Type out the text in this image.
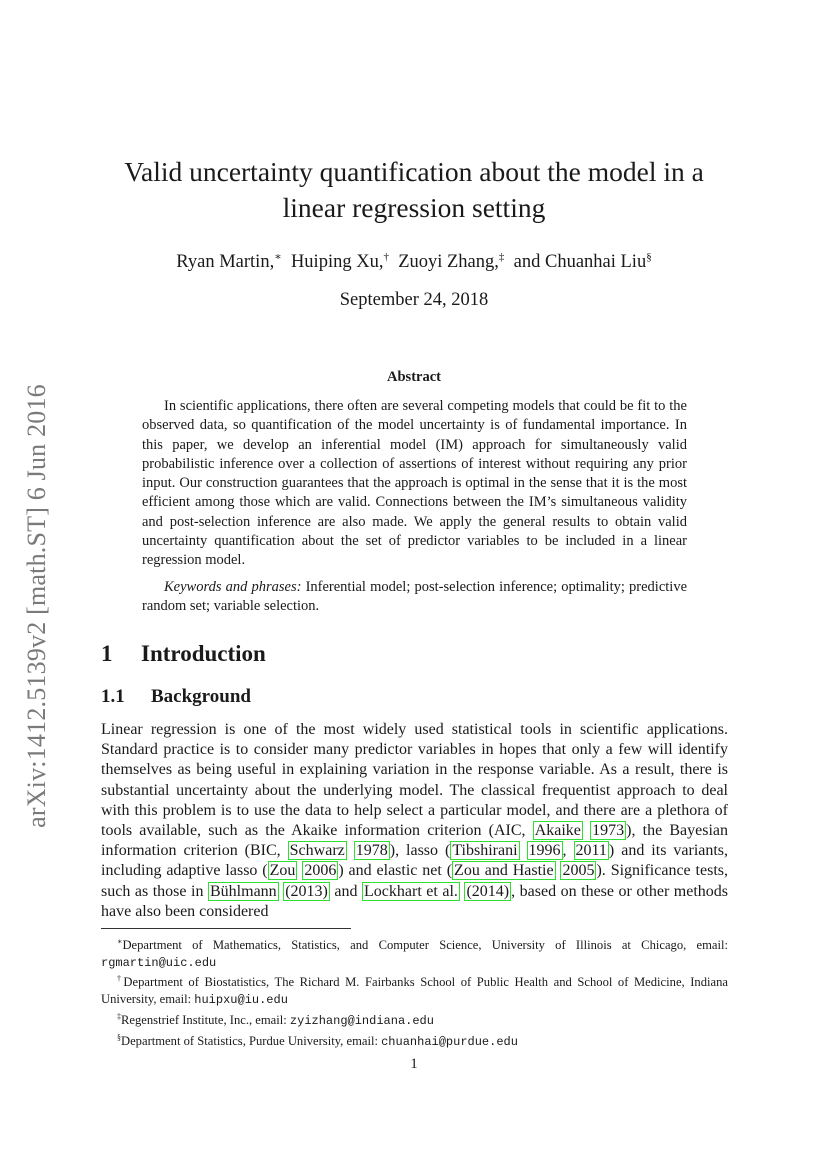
arXiv:1412.5139v2 [math.ST] 6 Jun 2016
Valid uncertainty quantification about the model in a
linear regression setting
Ryan Martin,∗ Huiping Xu,† Zuoyi Zhang,‡ and Chuanhai Liu§
September 24, 2018
Abstract

In scientific applications, there often are several competing models that could be fit to the observed data, so quantification of the model uncertainty is of fundamental importance. In this paper, we develop an inferential model (IM) approach for simultaneously valid probabilistic inference over a collection of assertions of interest without requiring any prior input. Our construction guarantees that the approach is optimal in the sense that it is the most efficient among those which are valid. Connections between the IM’s simultaneous validity and post-selection inference are also made. We apply the general results to obtain valid uncertainty quantification about the set of predictor variables to be included in a linear regression model.

Keywords and phrases: Inferential model; post-selection inference; optimality; predictive random set; variable selection.

1 Introduction
1.1 Background

Linear regression is one of the most widely used statistical tools in scientific applications. Standard practice is to consider many predictor variables in hopes that only a few will identify themselves as being useful in explaining variation in the response variable. As a result, there is substantial uncertainty about the underlying model. The classical frequentist approach to deal with this problem is to use the data to help select a particular model, and there are a plethora of tools available, such as the Akaike information criterion (AIC, Akaike 1973 ), the Bayesian information criterion (BIC, Schwarz 1978 ), lasso ( Tibshirani 1996 , 2011 ) and its variants, including adaptive lasso ( Zou 2006 ) and elastic net ( Zou and Hastie 2005 ). Significance tests, such as those in Bühlmann (2013) and Lockhart et al. (2014) , based on these or other methods have also been considered

∗Department of Mathematics, Statistics, and Computer Science, University of Illinois at Chicago, email: rgmartin@uic.edu

†Department of Biostatistics, The Richard M. Fairbanks School of Public Health and School of Medicine, Indiana University, email: huipxu@iu.edu

‡Regenstrief Institute, Inc., email: zyizhang@indiana.edu

§Department of Statistics, Purdue University, email: chuanhai@purdue.edu

1
